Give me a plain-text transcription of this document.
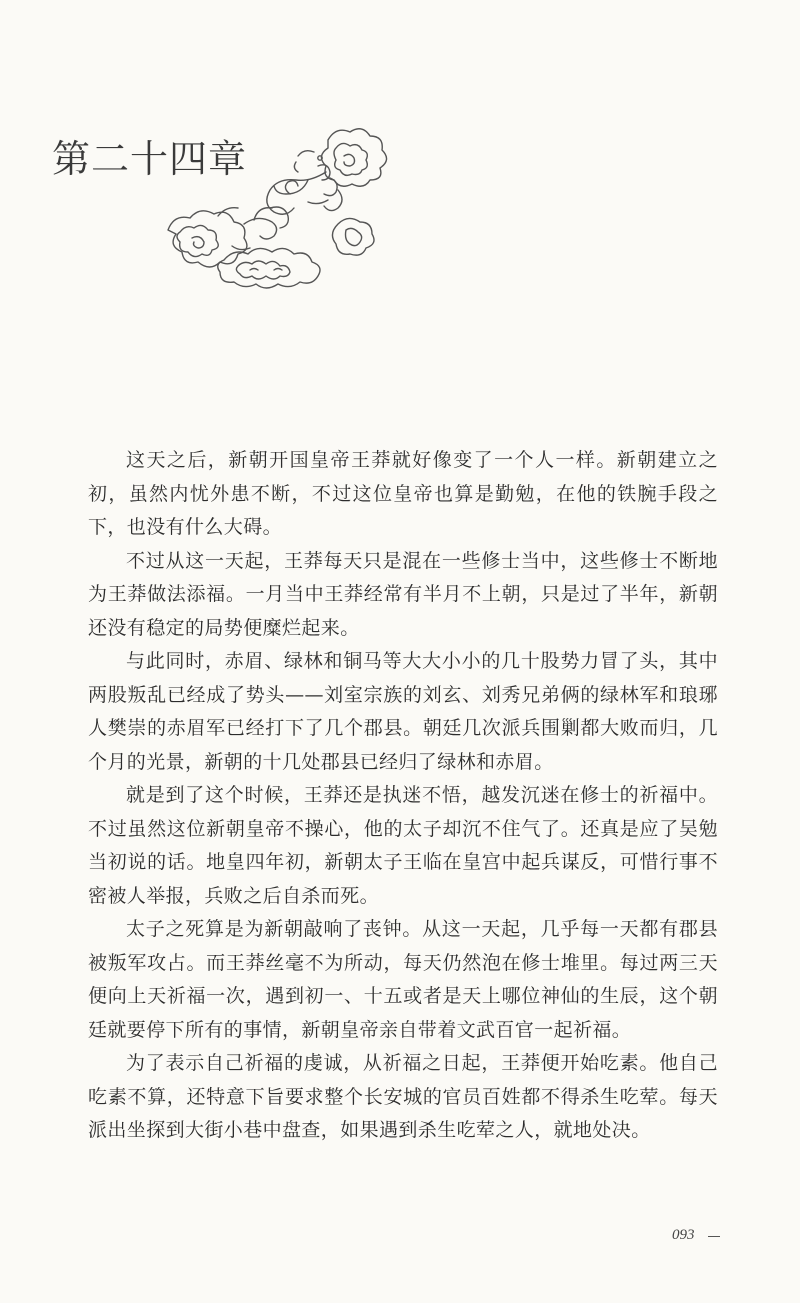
第二十四章

这天之后，新朝开国皇帝王莽就好像变了一个人一样。新朝建立之初，虽然内忧外患不断，不过这位皇帝也算是勤勉，在他的铁腕手段之下，也没有什么大碍。

不过从这一天起，王莽每天只是混在一些修士当中，这些修士不断地为王莽做法添福。一月当中王莽经常有半月不上朝，只是过了半年，新朝还没有稳定的局势便糜烂起来。

与此同时，赤眉、绿林和铜马等大大小小的几十股势力冒了头，其中两股叛乱已经成了势头——刘室宗族的刘玄、刘秀兄弟俩的绿林军和琅琊人樊崇的赤眉军已经打下了几个郡县。朝廷几次派兵围剿都大败而归，几个月的光景，新朝的十几处郡县已经归了绿林和赤眉。

就是到了这个时候，王莽还是执迷不悟，越发沉迷在修士的祈福中。不过虽然这位新朝皇帝不操心，他的太子却沉不住气了。还真是应了吴勉当初说的话。地皇四年初，新朝太子王临在皇宫中起兵谋反，可惜行事不密被人举报，兵败之后自杀而死。

太子之死算是为新朝敲响了丧钟。从这一天起，几乎每一天都有郡县被叛军攻占。而王莽丝毫不为所动，每天仍然泡在修士堆里。每过两三天便向上天祈福一次，遇到初一、十五或者是天上哪位神仙的生辰，这个朝廷就要停下所有的事情，新朝皇帝亲自带着文武百官一起祈福。

为了表示自己祈福的虔诚，从祈福之日起，王莽便开始吃素。他自己吃素不算，还特意下旨要求整个长安城的官员百姓都不得杀生吃荤。每天派出坐探到大街小巷中盘查，如果遇到杀生吃荤之人，就地处决。

093
